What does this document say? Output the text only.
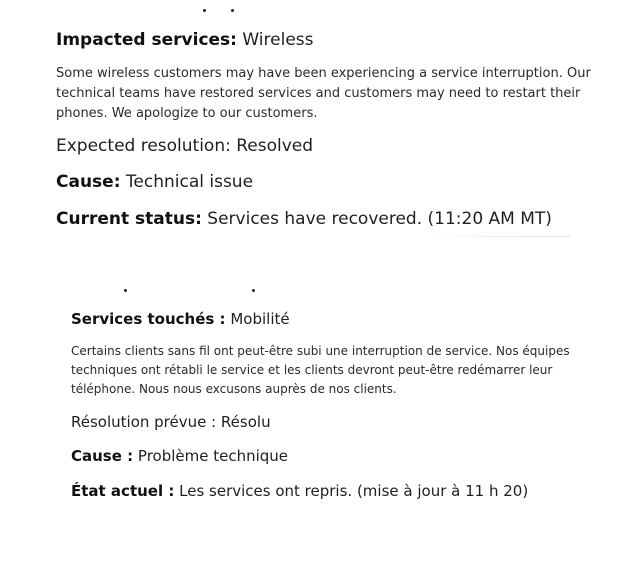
Impacted services: Wireless

Some wireless customers may have been experiencing a service interruption. Our technical teams have restored services and customers may need to restart their phones. We apologize to our customers.

Expected resolution: Resolved

Cause: Technical issue

Current status: Services have recovered. (11:20 AM MT)

Services touchés : Mobilité

Certains clients sans fil ont peut-être subi une interruption de service. Nos équipes techniques ont rétabli le service et les clients devront peut-être redémarrer leur téléphone. Nous nous excusons auprès de nos clients.

Résolution prévue : Résolu

Cause : Problème technique

État actuel : Les services ont repris. (mise à jour à 11 h 20)
